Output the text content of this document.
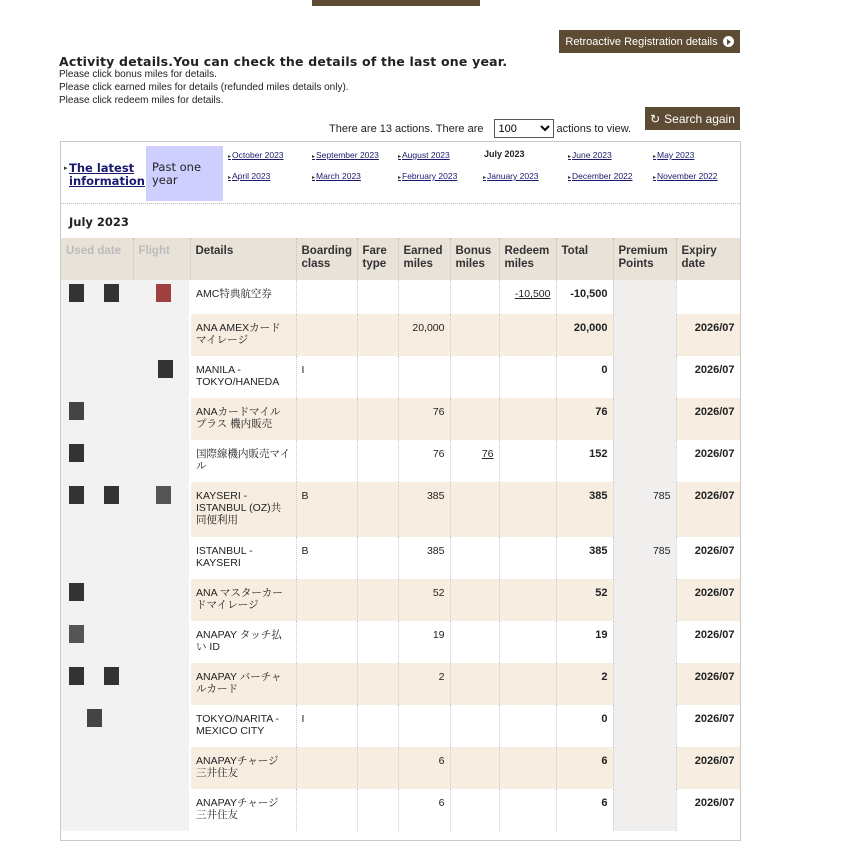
Retroactive Registration details
Activity details.You can check the details of the last one year.
Please click bonus miles for details.
Please click earned miles for details (refunded miles details only).
Please click redeem miles for details.
There are 13 actions. There are
100	actions to view.
↻ Search again
▸ The latest information
Past one year
▸ October 2023	▸ September 2023	▸ August 2023	July 2023	▸ June 2023	▸ May 2023
▸ April 2023	▸ March 2023	▸ February 2023	▸ January 2023	▸ December 2022	▸ November 2022
July 2023
Used date	Flight	Details	Boarding class	Fare type	Earned miles	Bonus miles	Redeem miles	Total	Premium Points	Expiry date

		AMC特典航空券					-10,500	-10,500		
		ANA AMEXカードマイレージ			20,000			20,000		2026/07

		MANILA - TOKYO/HANEDA	I					0		2026/07

		ANAカードマイルプラス 機内販売			76			76		2026/07

		国際線機内販売マイル			76	76		152		2026/07

		KAYSERI - ISTANBUL (OZ)共同便利用	B		385			385	785	2026/07
		ISTANBUL - KAYSERI	B		385			385	785	2026/07

		ANA マスターカードマイレージ			52			52		2026/07

		ANAPAY タッチ払い ID			19			19		2026/07

		ANAPAY バーチャルカード			2			2		2026/07

		TOKYO/NARITA - MEXICO CITY	I					0		2026/07
		ANAPAYチャージ 三井住友			6			6		2026/07
		ANAPAYチャージ 三井住友			6			6		2026/07
